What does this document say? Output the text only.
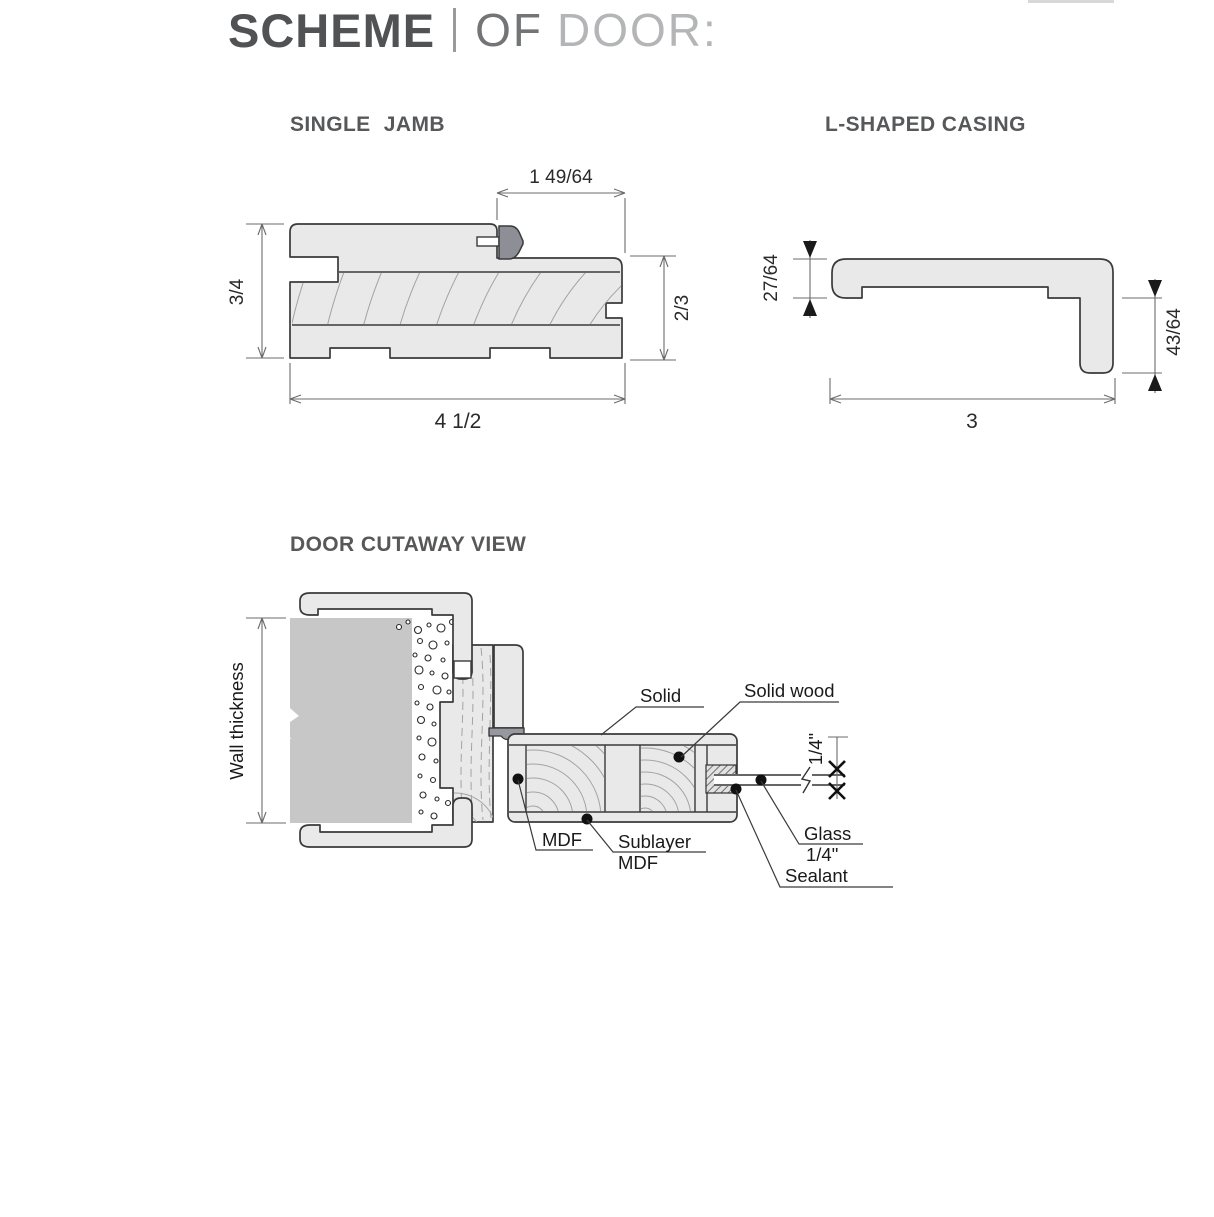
SCHEME OF DOOR:
SINGLE JAMB	L-SHAPED CASING
DOOR CUTAWAY VIEW
1 49/64
3/4
2/3
4 1/2
27/64
43/64
3
1/4"
Wall thickness	Solid	Solid wood
MDF Sublayer
MDF
Glass
1/4"
Sealant
